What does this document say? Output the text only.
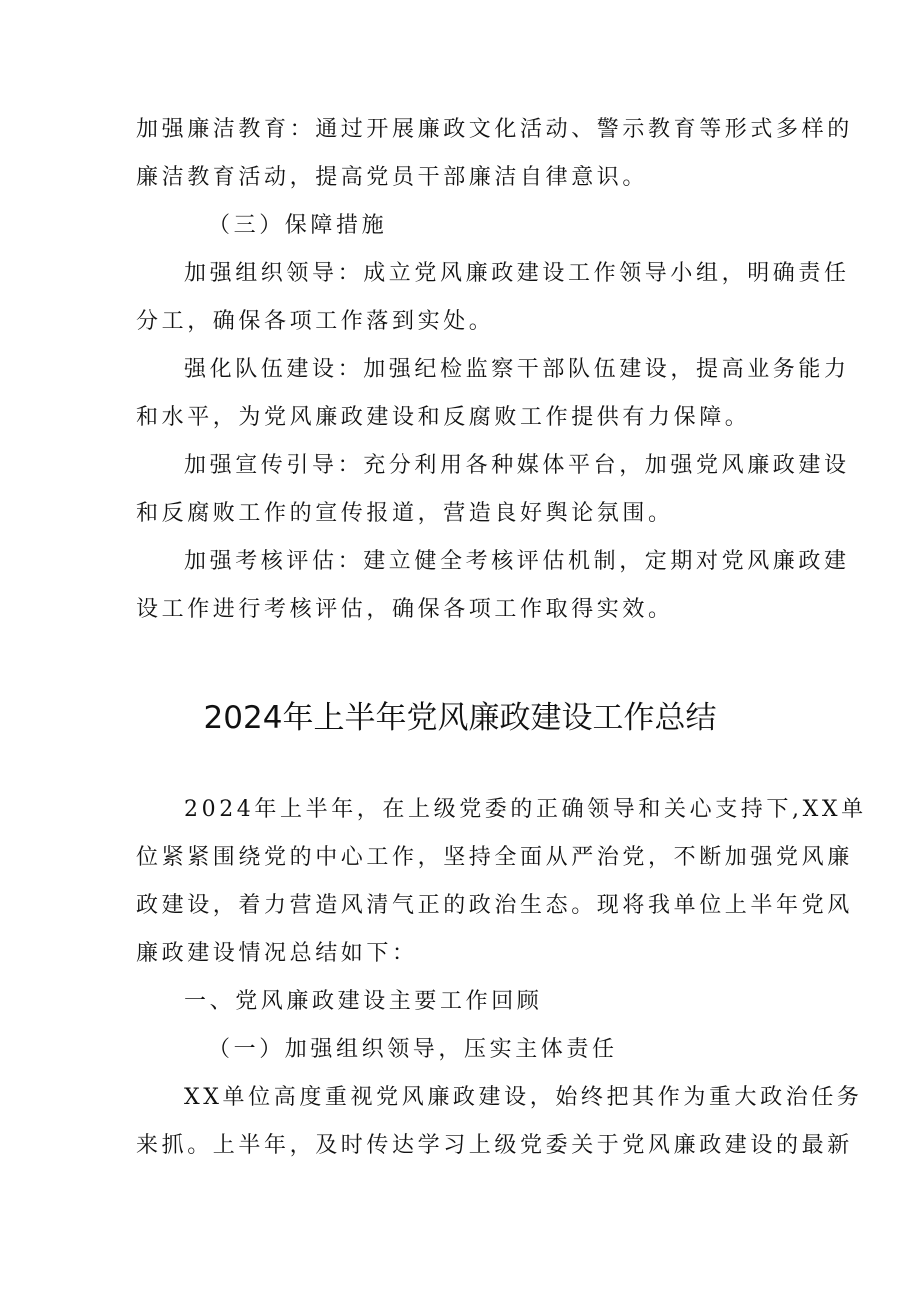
加强廉洁教育：通过开展廉政文化活动、警示教育等形式多样的
廉洁教育活动，提高党员干部廉洁自律意识。
（三）保障措施
加强组织领导：成立党风廉政建设工作领导小组，明确责任
分工，确保各项工作落到实处。
强化队伍建设：加强纪检监察干部队伍建设，提高业务能力
和水平，为党风廉政建设和反腐败工作提供有力保障。
加强宣传引导：充分利用各种媒体平台，加强党风廉政建设
和反腐败工作的宣传报道，营造良好舆论氛围。
加强考核评估：建立健全考核评估机制，定期对党风廉政建
设工作进行考核评估，确保各项工作取得实效。
2024年上半年党风廉政建设工作总结
2024年上半年，在上级党委的正确领导和关心支持下,XX单
位紧紧围绕党的中心工作，坚持全面从严治党，不断加强党风廉
政建设，着力营造风清气正的政治生态。现将我单位上半年党风
廉政建设情况总结如下：
一、党风廉政建设主要工作回顾
（一）加强组织领导，压实主体责任
XX单位高度重视党风廉政建设，始终把其作为重大政治任务
来抓。上半年，及时传达学习上级党委关于党风廉政建设的最新
